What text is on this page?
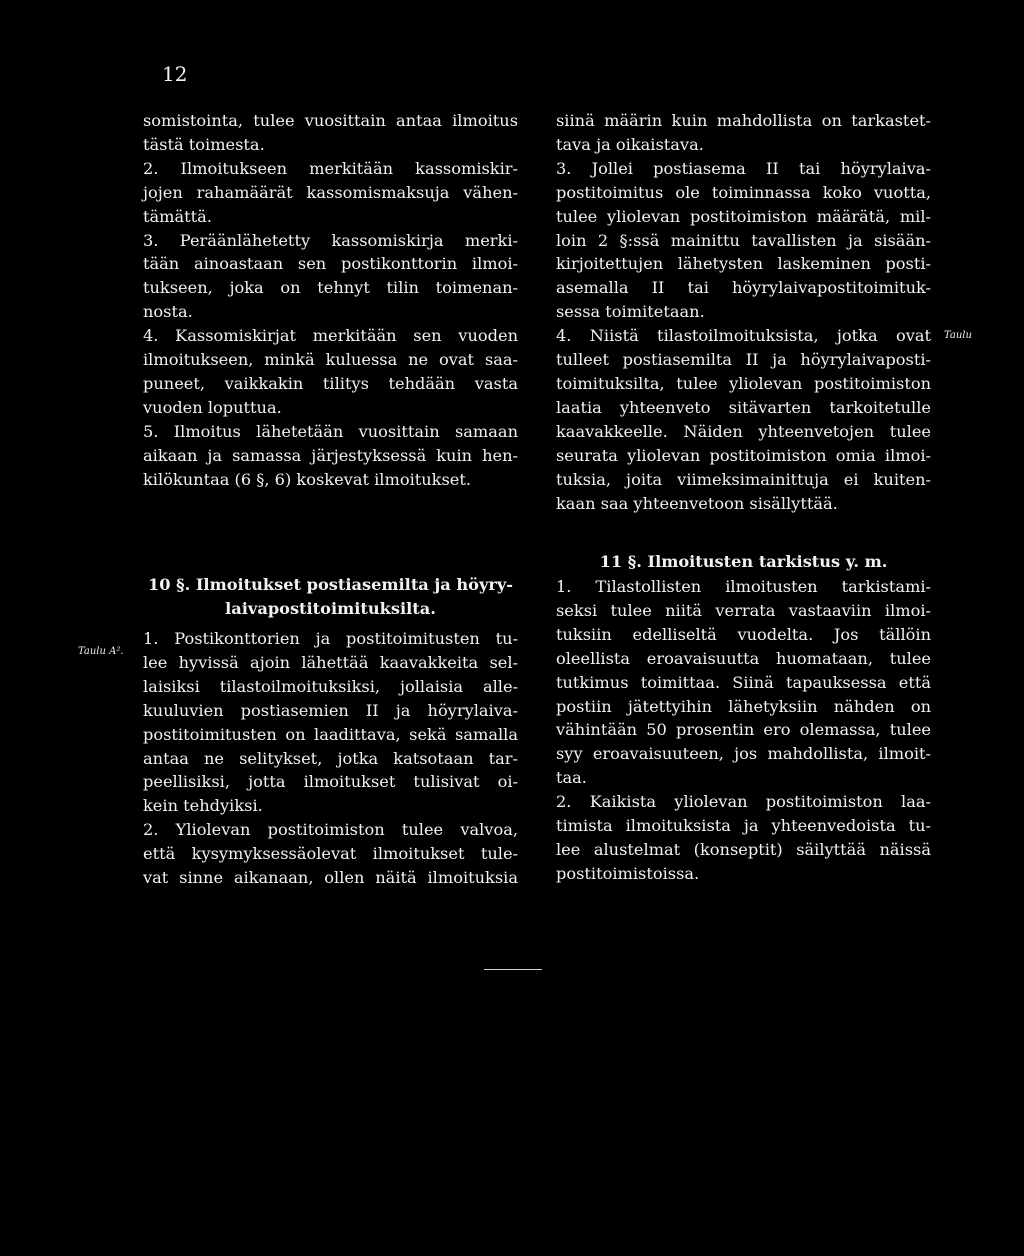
12
Taulu A².
Taulu
somistointa, tulee vuosittain antaa ilmoitus
tästä toimesta.
2. Ilmoitukseen merkitään kassomiskir-
jojen rahamäärät kassomismaksuja vähen-
tämättä.
3. Peräänlähetetty kassomiskirja merki-
tään ainoastaan sen postikonttorin ilmoi-
tukseen, joka on tehnyt tilin toimenan-
nosta.
4. Kassomiskirjat merkitään sen vuoden
ilmoitukseen, minkä kuluessa ne ovat saa-
puneet, vaikkakin tilitys tehdään vasta
vuoden loputtua.
5. Ilmoitus lähetetään vuosittain samaan
aikaan ja samassa järjestyksessä kuin hen-
kilökuntaa (6 §, 6) koskevat ilmoitukset.
10 §. Ilmoitukset postiasemilta ja höyry-
laivapostitoimituksilta.
1. Postikonttorien ja postitoimitusten tu-
lee hyvissä ajoin lähettää kaavakkeita sel-
laisiksi tilastoilmoituksiksi, jollaisia alle-
kuuluvien postiasemien II ja höyrylaiva-
postitoimitusten on laadittava, sekä samalla
antaa ne selitykset, jotka katsotaan tar-
peellisiksi, jotta ilmoitukset tulisivat oi-
kein tehdyiksi.
2. Yliolevan postitoimiston tulee valvoa,
että kysymyksessäolevat ilmoitukset tule-
vat sinne aikanaan, ollen näitä ilmoituksia
siinä määrin kuin mahdollista on tarkastet-
tava ja oikaistava.
3. Jollei postiasema II tai höyrylaiva-
postitoimitus ole toiminnassa koko vuotta,
tulee yliolevan postitoimiston määrätä, mil-
loin 2 §:ssä mainittu tavallisten ja sisään-
kirjoitettujen lähetysten laskeminen posti-
asemalla II tai höyrylaivapostitoimituk-
sessa toimitetaan.
4. Niistä tilastoilmoituksista, jotka ovat
tulleet postiasemilta II ja höyrylaivaposti-
toimituksilta, tulee yliolevan postitoimiston
laatia yhteenveto sitävarten tarkoitetulle
kaavakkeelle. Näiden yhteenvetojen tulee
seurata yliolevan postitoimiston omia ilmoi-
tuksia, joita viimeksimainittuja ei kuiten-
kaan saa yhteenvetoon sisällyttää.
11 §. Ilmoitusten tarkistus y. m.
1. Tilastollisten ilmoitusten tarkistami-
seksi tulee niitä verrata vastaaviin ilmoi-
tuksiin edelliseltä vuodelta. Jos tällöin
oleellista eroavaisuutta huomataan, tulee
tutkimus toimittaa. Siinä tapauksessa että
postiin jätettyihin lähetyksiin nähden on
vähintään 50 prosentin ero olemassa, tulee
syy eroavaisuuteen, jos mahdollista, ilmoit-
taa.
2. Kaikista yliolevan postitoimiston laa-
timista ilmoituksista ja yhteenvedoista tu-
lee alustelmat (konseptit) säilyttää näissä
postitoimistoissa.
